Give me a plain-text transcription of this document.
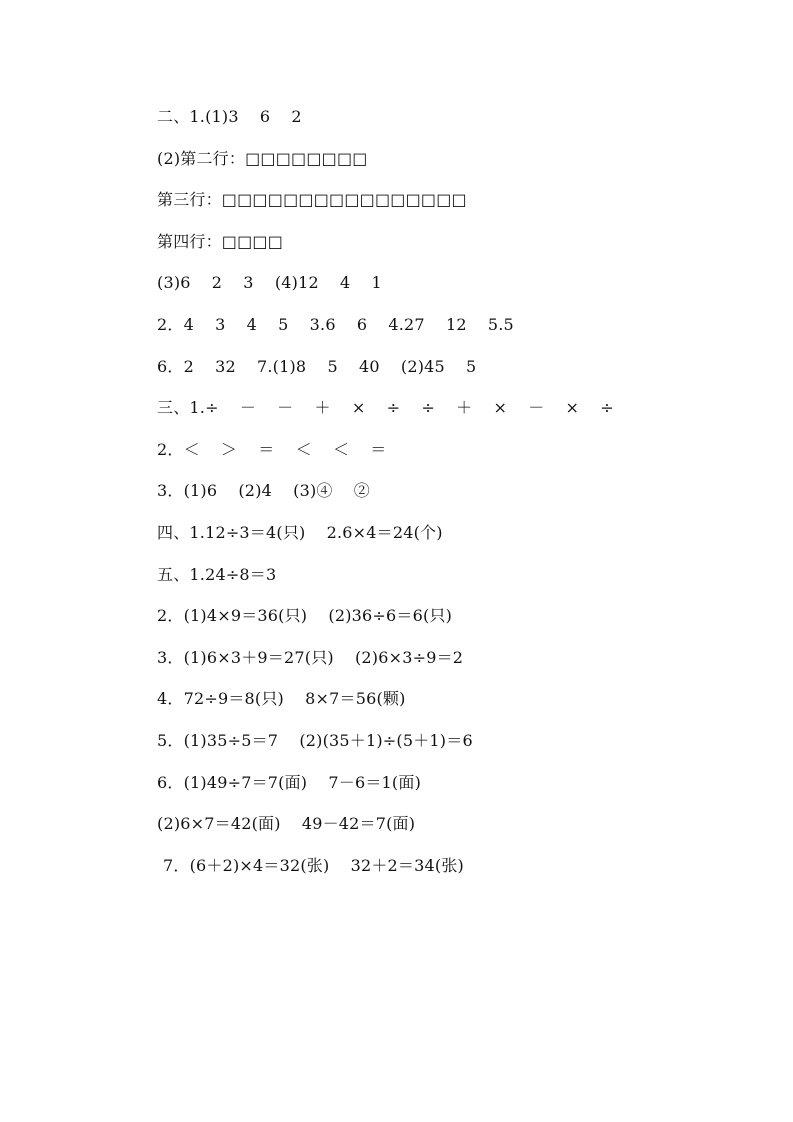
二、1.(1)3    6    2
(2)第二行：□□□□□□□□
第三行：□□□□□□□□□□□□□□□□
第四行：□□□□
(3)6    2    3    (4)12    4    1
2．4    3    4    5    3.6    6    4.27    12    5.5
6．2    32    7.(1)8    5    40    (2)45    5
三、1.÷    －    －    ＋    ×    ÷    ÷    ＋    ×    －    ×    ÷
2．＜    ＞    ＝    ＜    ＜    ＝
3．(1)6    (2)4    (3)④    ②
四、1.12÷3＝4(只)    2.6×4＝24(个)
五、1.24÷8＝3
2．(1)4×9＝36(只)    (2)36÷6＝6(只)
3．(1)6×3＋9＝27(只)    (2)6×3÷9＝2
4．72÷9＝8(只)    8×7＝56(颗)
5．(1)35÷5＝7    (2)(35＋1)÷(5＋1)＝6
6．(1)49÷7＝7(面)    7－6＝1(面)
(2)6×7＝42(面)    49－42＝7(面)
7．(6＋2)×4＝32(张)    32＋2＝34(张)
